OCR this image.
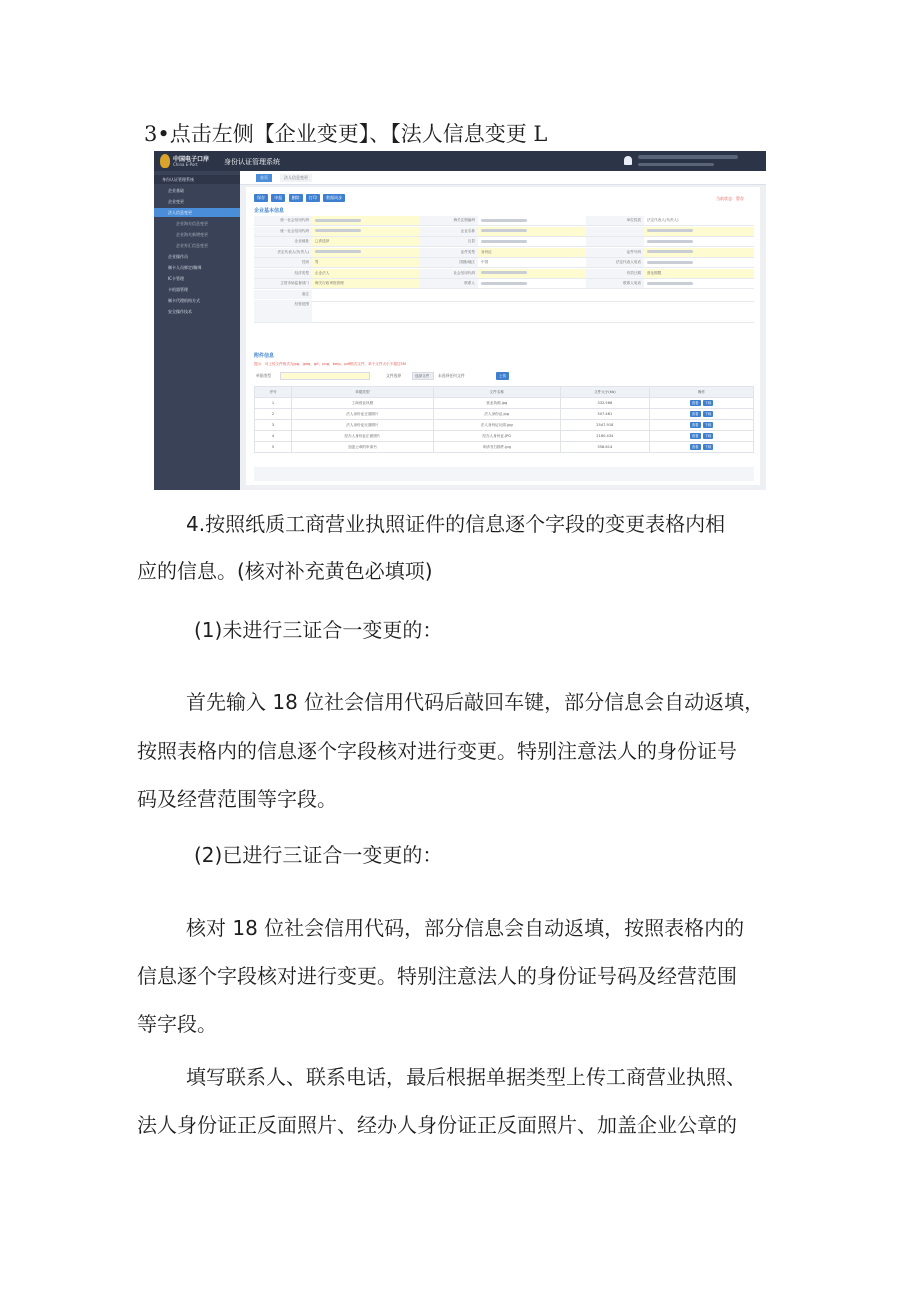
3•点击左侧【企业变更】、【法人信息变更 L
中国电子口岸
China E-Port	身份认证管理系统
身份认证管理系统
企业基础
企业变更
法人信息变更
企业海关信息变更
企业海关新增变更
企业外汇信息变更
企业操作员
制卡人员绑定/解绑
IC卡管理
卡机器管理
制卡代理机构方式
安全操作技术
首页	法人信息变更
保存 申报 删除 打印 数据同步	当前状态：暂存
企业基本信息
统一社会信用代码	海关注册编码	单位性质	法定代表人(负责人)
统一社会信用代码	企业名称
企业地址	□请选择	区县
法定代表人(负责人)	证件类型	身份证	证件号码
性别	男	国籍/地区	中国	法定代表人电话
经济类型	企业法人	社会信用代码	有效日期	营业期限
主管市场监督部门	海关行政审批管理	联系人	联系人电话
备注
经营范围
附件信息
提示：可上传文件格式为jpg、jpeg、gif、png、bmp、pdf格式文件，单个文件大小不超过5M
单据类型	文件选择	选择文件	未选择任何文件	上传
序号	单据类型	文件名称	文件大小(kb)	操作
1	工商营业执照	营业执照.jpg	332.566	查看 下载
2	法人身份证正面照片	法人身份证.jpg	307.461	查看 下载
3	法人身份证反面照片	法人身份证反面.jpg	2547.918	查看 下载
4	经办人身份证正面照片	经办人身份证.JPG	2160.434	查看 下载
5	加盖公章的申请书	申请书扫描件.jpg	358.614	查看 下载
4.按照纸质工商营业执照证件的信息逐个字段的变更表格内相
应的信息。(核对补充黄色必填项)
(1)未进行三证合一变更的：
首先输入 18 位社会信用代码后敲回车键，部分信息会自动返填，
按照表格内的信息逐个字段核对进行变更。特别注意法人的身份证号
码及经营范围等字段。
(2)已进行三证合一变更的：
核对 18 位社会信用代码，部分信息会自动返填，按照表格内的
信息逐个字段核对进行变更。特别注意法人的身份证号码及经营范围
等字段。
填写联系人、联系电话，最后根据单据类型上传工商营业执照、
法人身份证正反面照片、经办人身份证正反面照片、加盖企业公章的
